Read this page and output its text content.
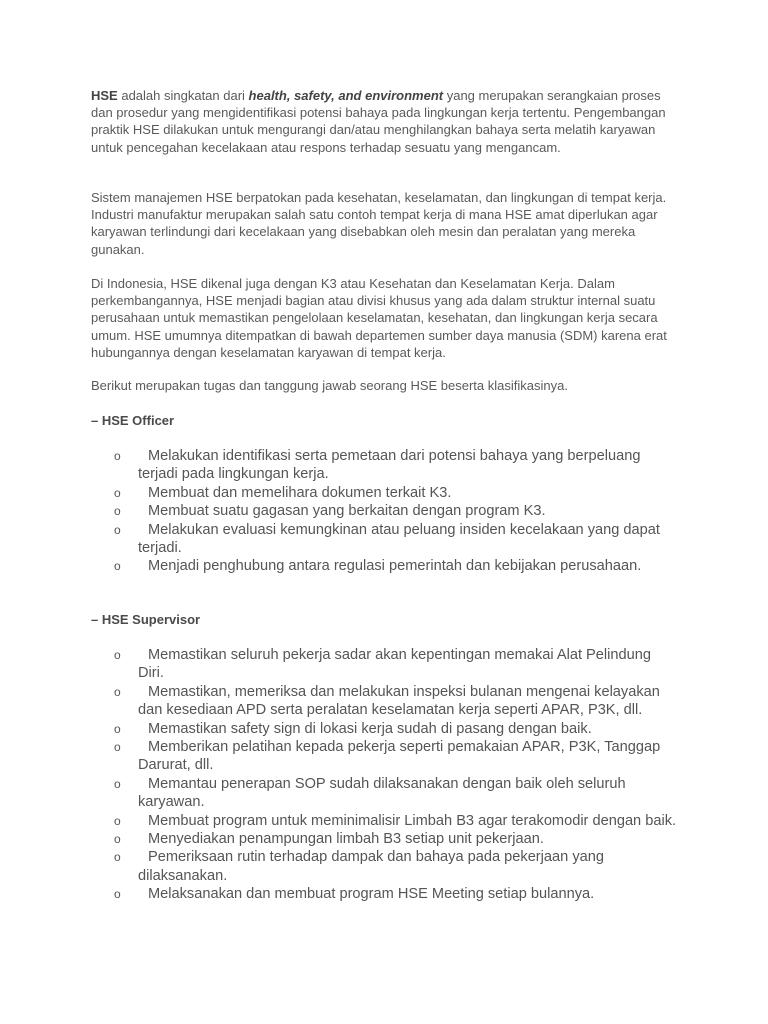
HSE adalah singkatan dari health, safety, and environment yang merupakan serangkaian proses dan prosedur yang mengidentifikasi potensi bahaya pada lingkungan kerja tertentu. Pengembangan praktik HSE dilakukan untuk mengurangi dan/atau menghilangkan bahaya serta melatih karyawan untuk pencegahan kecelakaan atau respons terhadap sesuatu yang mengancam.

Sistem manajemen HSE berpatokan pada kesehatan, keselamatan, dan lingkungan di tempat kerja. Industri manufaktur merupakan salah satu contoh tempat kerja di mana HSE amat diperlukan agar karyawan terlindungi dari kecelakaan yang disebabkan oleh mesin dan peralatan yang mereka gunakan.

Di Indonesia, HSE dikenal juga dengan K3 atau Kesehatan dan Keselamatan Kerja. Dalam perkembangannya, HSE menjadi bagian atau divisi khusus yang ada dalam struktur internal suatu perusahaan untuk memastikan pengelolaan keselamatan, kesehatan, dan lingkungan kerja secara umum. HSE umumnya ditempatkan di bawah departemen sumber daya manusia (SDM) karena erat hubungannya dengan keselamatan karyawan di tempat kerja.

Berikut merupakan tugas dan tanggung jawab seorang HSE beserta klasifikasinya.

– HSE Officer

o Melakukan identifikasi serta pemetaan dari potensi bahaya yang berpeluang terjadi pada lingkungan kerja.
o Membuat dan memelihara dokumen terkait K3.
o Membuat suatu gagasan yang berkaitan dengan program K3.
o Melakukan evaluasi kemungkinan atau peluang insiden kecelakaan yang dapat terjadi.
o Menjadi penghubung antara regulasi pemerintah dan kebijakan perusahaan.

– HSE Supervisor

o Memastikan seluruh pekerja sadar akan kepentingan memakai Alat Pelindung Diri.
o Memastikan, memeriksa dan melakukan inspeksi bulanan mengenai kelayakan dan kesediaan APD serta peralatan keselamatan kerja seperti APAR, P3K, dll.
o Memastikan safety sign di lokasi kerja sudah di pasang dengan baik.
o Memberikan pelatihan kepada pekerja seperti pemakaian APAR, P3K, Tanggap Darurat, dll.
o Memantau penerapan SOP sudah dilaksanakan dengan baik oleh seluruh karyawan.
o Membuat program untuk meminimalisir Limbah B3 agar terakomodir dengan baik.
o Menyediakan penampungan limbah B3 setiap unit pekerjaan.
o Pemeriksaan rutin terhadap dampak dan bahaya pada pekerjaan yang dilaksanakan.
o Melaksanakan dan membuat program HSE Meeting setiap bulannya.
